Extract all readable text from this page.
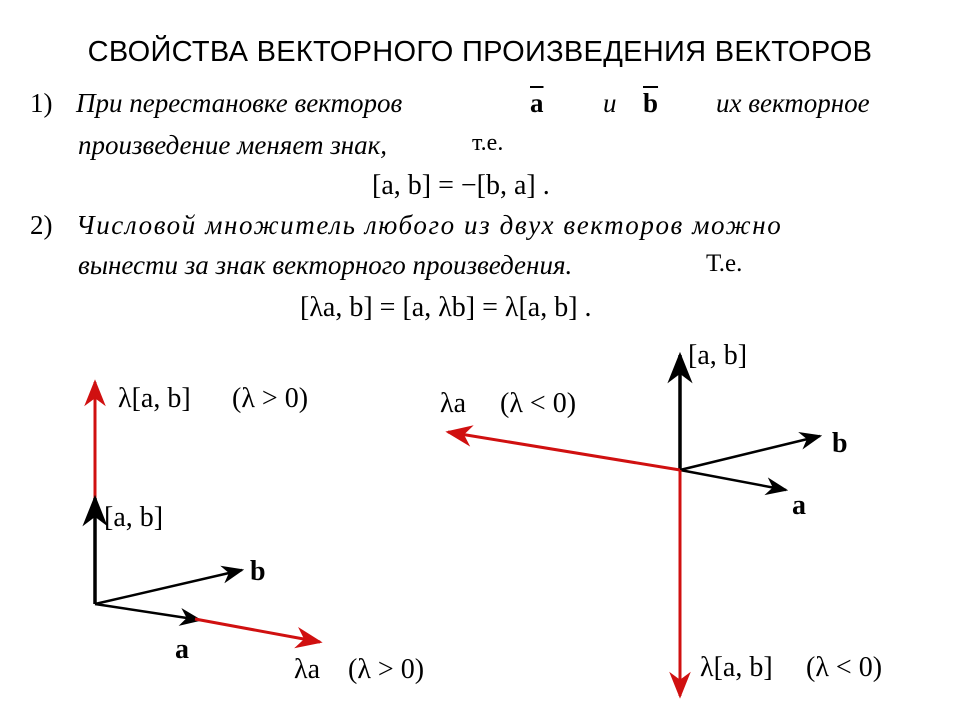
СВОЙСТВА ВЕКТОРНОГО ПРОИЗВЕДЕНИЯ ВЕКТОРОВ
1) При перестановке векторов	$\overline{a}$ и $\overline{b}$ их векторное
произведение меняет знак,	т.е.
[a, b] = −[b, a] .
2) Числовой множитель любого из двух векторов можно
вынести за знак векторного произведения.	Т.е.
[λa, b] = [a, λb] = λ[a, b] .
λ[a, b] (λ > 0)
[a, b]
b
a
λa (λ > 0)
[a, b]
λa (λ < 0)
b
a
λ[a, b] (λ < 0)
